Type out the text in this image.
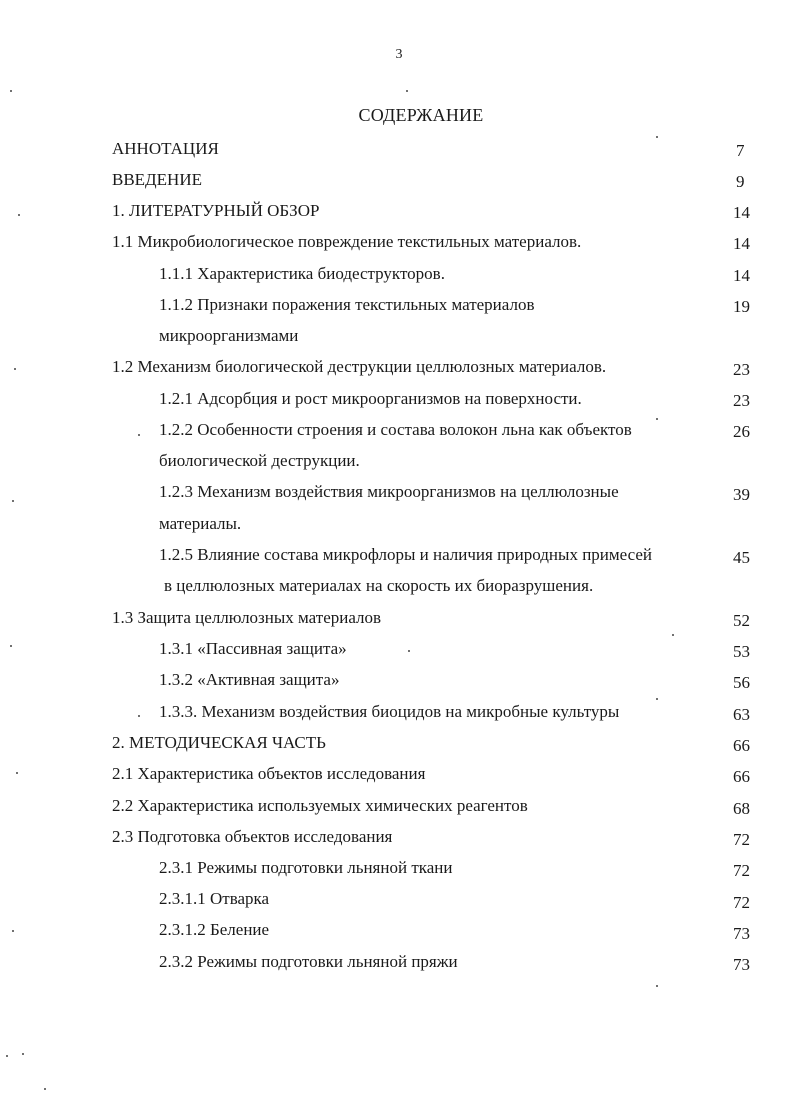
3
СОДЕРЖАНИЕ
АННОТАЦИЯ	7
ВВЕДЕНИЕ	9
1. ЛИТЕРАТУРНЫЙ ОБЗОР	14
1.1 Микробиологическое повреждение текстильных материалов.	14
1.1.1 Характеристика биодеструкторов.	14
1.1.2 Признаки поражения текстильных материалов	19
микроорганизмами
1.2 Механизм биологической деструкции целлюлозных материалов.	23
1.2.1 Адсорбция и рост микроорганизмов на поверхности.	23
1.2.2 Особенности строения и состава волокон льна как объектов	26
биологической деструкции.
1.2.3 Механизм воздействия микроорганизмов на целлюлозные	39
материалы.
1.2.5 Влияние состава микрофлоры и наличия природных примесей	45
в целлюлозных материалах на скорость их биоразрушения.
1.3 Защита целлюлозных материалов	52
1.3.1 «Пассивная защита»	53
1.3.2 «Активная защита»	56
1.3.3. Механизм воздействия биоцидов на микробные культуры	63
2. МЕТОДИЧЕСКАЯ ЧАСТЬ	66
2.1 Характеристика объектов исследования	66
2.2 Характеристика используемых химических реагентов	68
2.3 Подготовка объектов исследования	72
2.3.1 Режимы подготовки льняной ткани	72
2.3.1.1 Отварка	72
2.3.1.2 Беление	73
2.3.2 Режимы подготовки льняной пряжи	73
